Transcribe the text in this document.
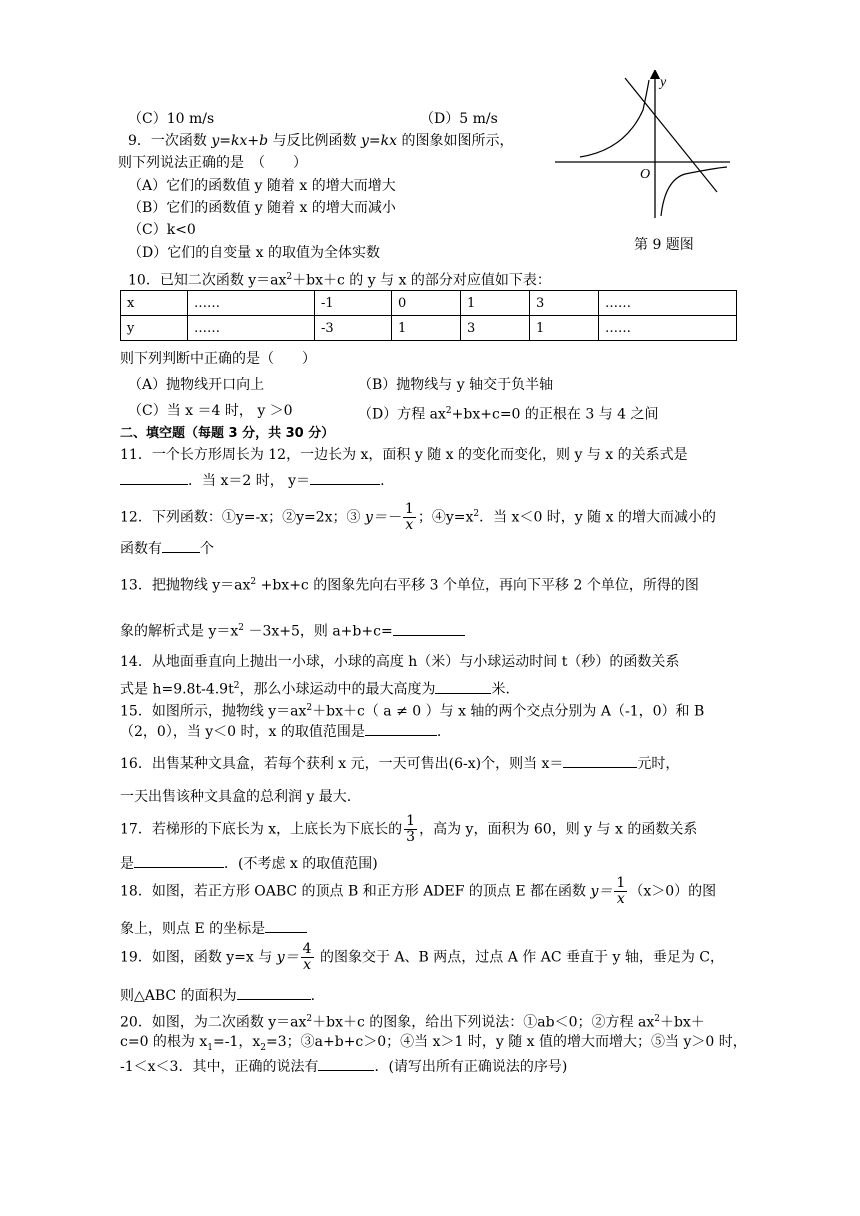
（C）10 m/s	（D）5 m/s
9．一次函数 y=kx+b 与反比例函数 y=kx 的图象如图所示，
则下列说法正确的是　（　　）
（A）它们的函数值 y 随着 x 的增大而增大
（B）它们的函数值 y 随着 x 的增大而减小
（C）k<0
（D）它们的自变量 x 的取值为全体实数
y
O
第 9 题图
10．已知二次函数 $y=ax^2+bx+c$ 的 y 与 x 的部分对应值如下表：
x	……	-1	0	1	3	……
y	……	-3	1	3	1	……
则下列判断中正确的是（　　）
（A）抛物线开口向上	（B）抛物线与 y 轴交于负半轴
（C）当 x ＝4 时， y ＞0	（D）方程 $ax^2+bx+c=0$ 的正根在 3 与 4 之间
二、填空题（每题 3 分，共 30 分）
11．一个长方形周长为 12，一边长为 x，面积 y 随 x 的变化而变化，则 y 与 x 的关系式是
．当 x＝2 时， y＝	.
12．下列函数：①y=-x；②y=2x；③ $y=- \frac{1}{x}$ ；$④y=x^2$．当 x＜0 时，y 随 x 的增大而减小的
函数有	个
13．把抛物线 $y=ax^2 +bx+c$ 的图象先向右平移 3 个单位，再向下平移 2 个单位，所得的图
象的解析式是 $y=x^2 -3x+5$，则 a+b+c=
14．从地面垂直向上抛出一小球，小球的高度 h（米）与小球运动时间 t（秒）的函数关系
式是 $h=9.8t-4.9t^2$，那么小球运动中的最大高度为	米.
15．如图所示，抛物线 $y=ax^2+bx+c$（ a ≠ 0 ）与 x 轴的两个交点分别为 A（-1，0）和 B
（2，0），当 y＜0 时，x 的取值范围是	.
16．出售某种文具盒，若每个获利 x 元，一天可售出(6-x)个，则当 x＝	元时，
一天出售该种文具盒的总利润 y 最大.
17．若梯形的下底长为 x，上底长为下底长的 $\frac{1}{3}$ ，高为 y，面积为 60，则 y 与 x 的函数关系
是	．(不考虑 x 的取值范围)
18．如图，若正方形 OABC 的顶点 B 和正方形 ADEF 的顶点 E 都在函数 $y= \frac{1}{x} (x>0)$的图
象上，则点 E 的坐标是
19．如图，函数 y=x 与 $y= \frac{4}{x}$ 的图象交于 A、B 两点，过点 A 作 AC 垂直于 y 轴，垂足为 C，
则△ABC 的面积为	.
20．如图，为二次函数 $y=ax^2+bx+c$ 的图象，给出下列说法：①ab＜0；②方程 $ax^2+bx+$
c=0 的根为 $x_1=-1$，$x_2=3$；③a+b+c＞0；④当 x＞1 时，y 随 x 值的增大而增大；⑤当 y＞0 时，
-1＜x＜3．其中，正确的说法有	．(请写出所有正确说法的序号)
